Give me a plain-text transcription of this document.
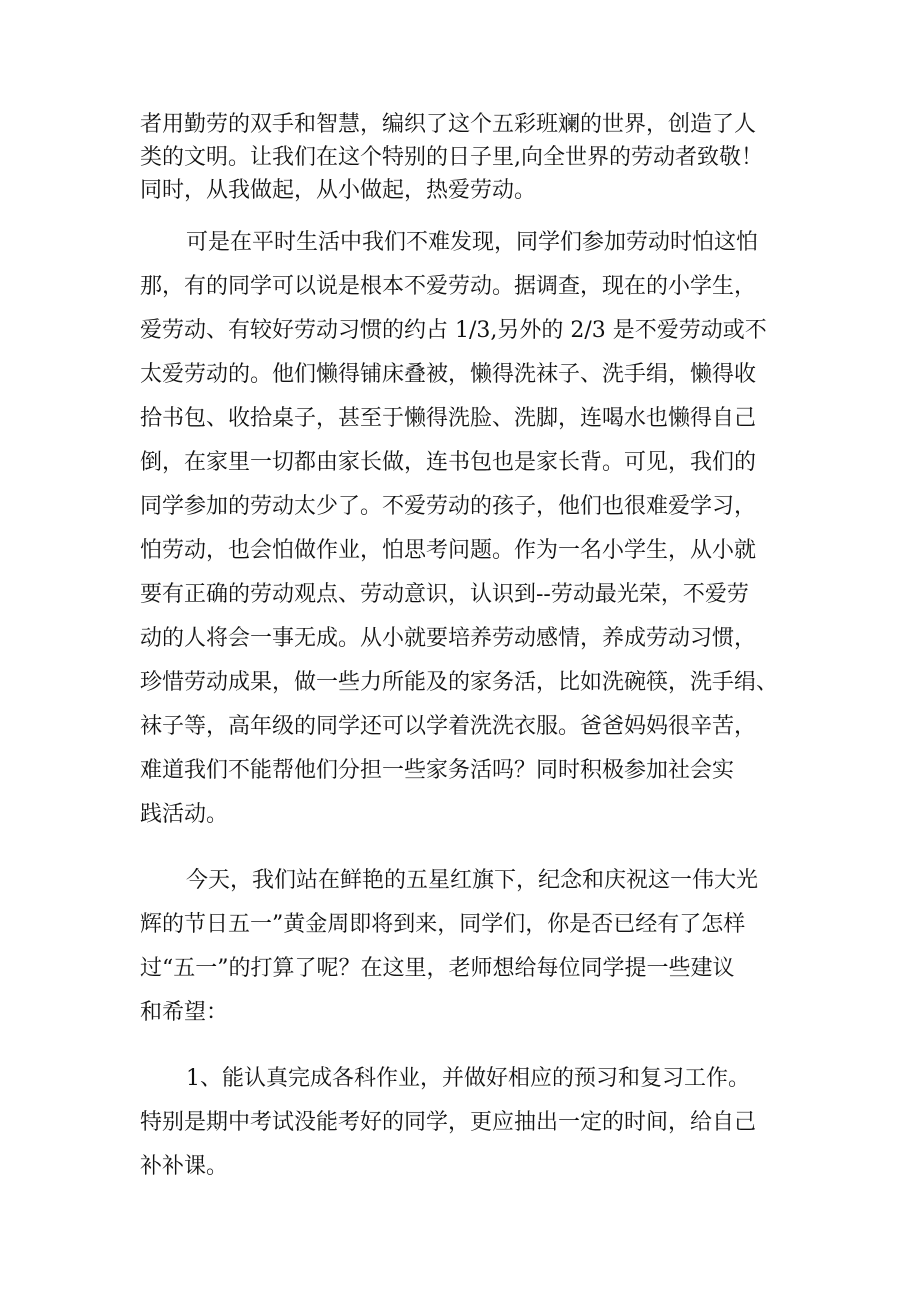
者用勤劳的双手和智慧，编织了这个五彩班斓的世界，创造了人

类的文明。让我们在这个特别的日子里,向全世界的劳动者致敬！

同时，从我做起，从小做起，热爱劳动。

可是在平时生活中我们不难发现，同学们参加劳动时怕这怕

那，有的同学可以说是根本不爱劳动。据调查，现在的小学生，

爱劳动、有较好劳动习惯的约占 1/3,另外的 2/3 是不爱劳动或不

太爱劳动的。他们懒得铺床叠被，懒得洗袜子、洗手绢，懒得收

拾书包、收拾桌子，甚至于懒得洗脸、洗脚，连喝水也懒得自己

倒，在家里一切都由家长做，连书包也是家长背。可见，我们的

同学参加的劳动太少了。不爱劳动的孩子，他们也很难爱学习，

怕劳动，也会怕做作业，怕思考问题。作为一名小学生，从小就

要有正确的劳动观点、劳动意识，认识到--劳动最光荣，不爱劳

动的人将会一事无成。从小就要培养劳动感情，养成劳动习惯，

珍惜劳动成果，做一些力所能及的家务活，比如洗碗筷，洗手绢、

袜子等，高年级的同学还可以学着洗洗衣服。爸爸妈妈很辛苦，

难道我们不能帮他们分担一些家务活吗？同时积极参加社会实

践活动。

今天，我们站在鲜艳的五星红旗下，纪念和庆祝这一伟大光

辉的节日五一”黄金周即将到来，同学们，你是否已经有了怎样

过“五一”的打算了呢？在这里，老师想给每位同学提一些建议

和希望：

1、能认真完成各科作业，并做好相应的预习和复习工作。

特别是期中考试没能考好的同学，更应抽出一定的时间，给自己

补补课。
